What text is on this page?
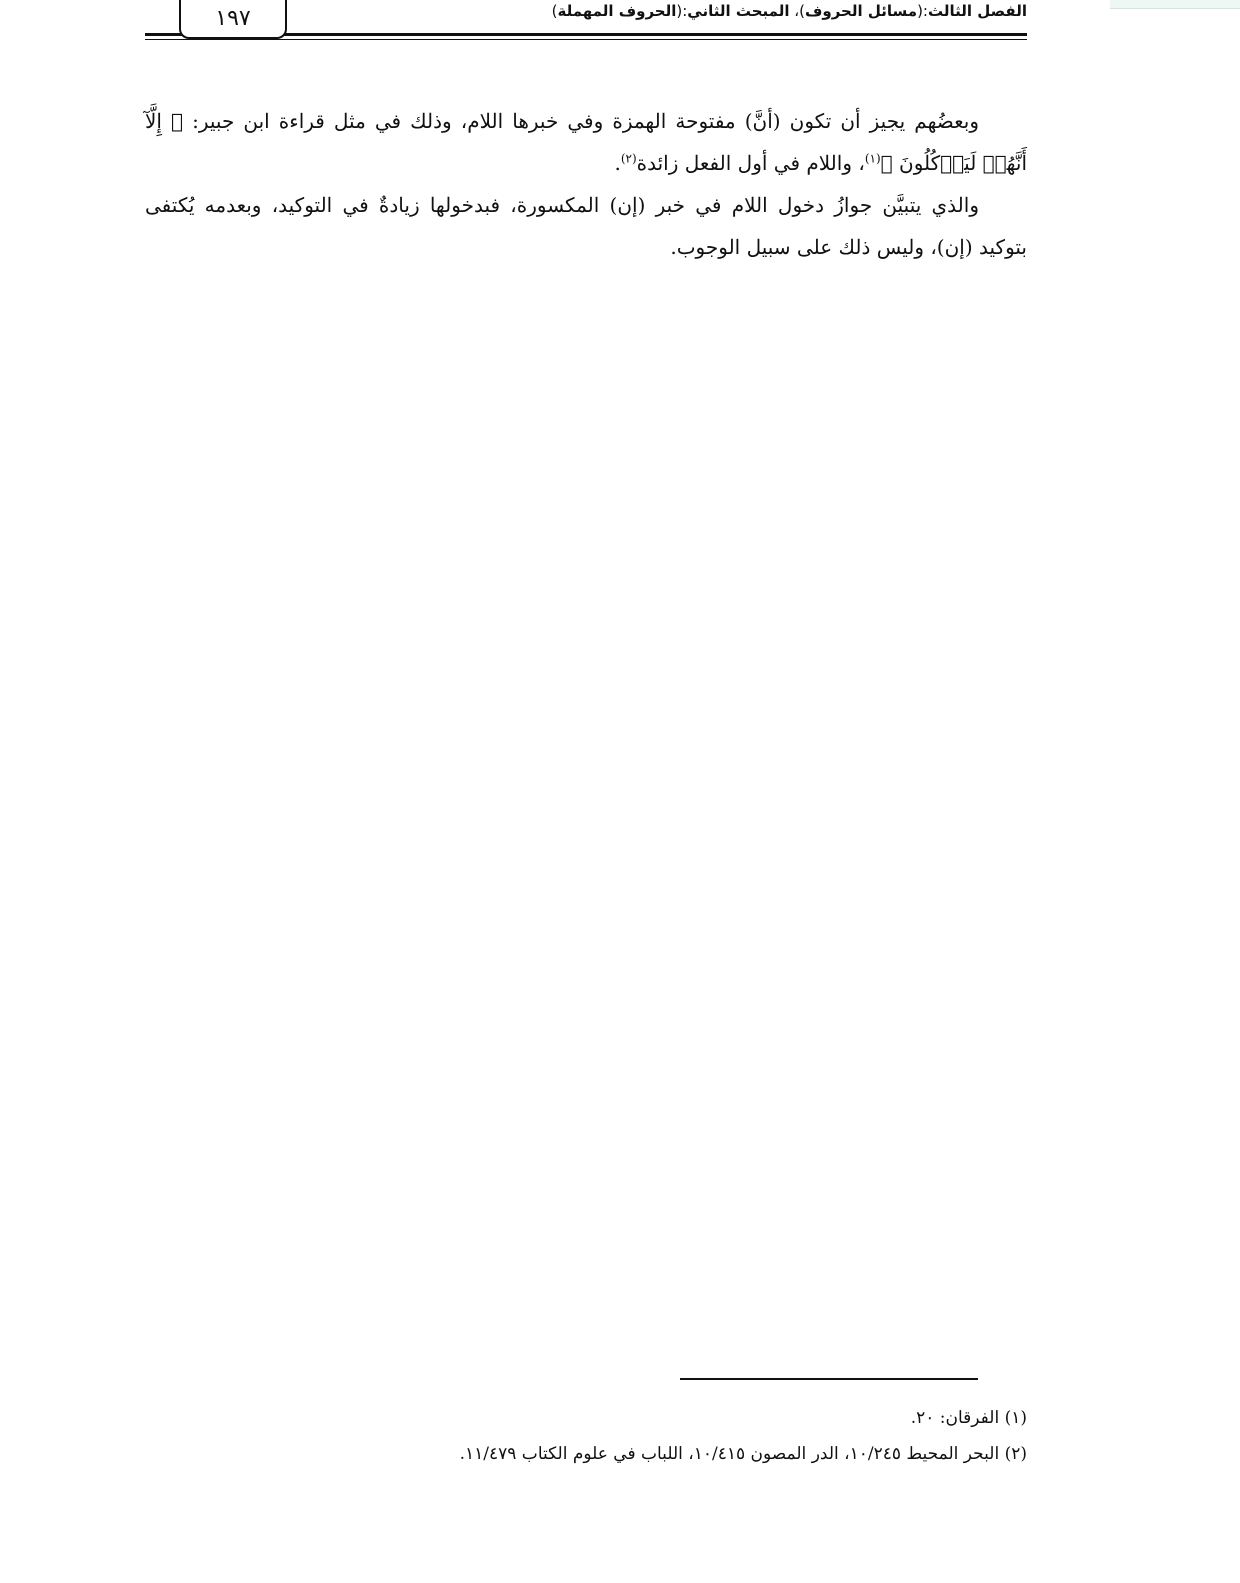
١٩٧	الفصل الثالث:(مسائل الحروف)، المبحث الثاني:(الحروف المهملة)

وبعضُهم يجيز أن تكون (أنَّ) مفتوحة الهمزة وفي خبرها اللام، وذلك في مثل قراءة ابن جبير: ﴿ إِلَّآ أَنَّهُمۡ لَيَأۡكُلُونَ ﴾$^{(١)}$، واللام في أول الفعل زائدة$^{(٢)}$.

والذي يتبيَّن جوازُ دخول اللام في خبر (إن) المكسورة، فبدخولها زيادةٌ في التوكيد، وبعدمه يُكتفى بتوكيد (إن)، وليس ذلك على سبيل الوجوب.

(١) الفرقان: ٢٠.

(٢) البحر المحيط ١٠/٢٤٥، الدر المصون ١٠/٤١٥، اللباب في علوم الكتاب ١١/٤٧٩.
